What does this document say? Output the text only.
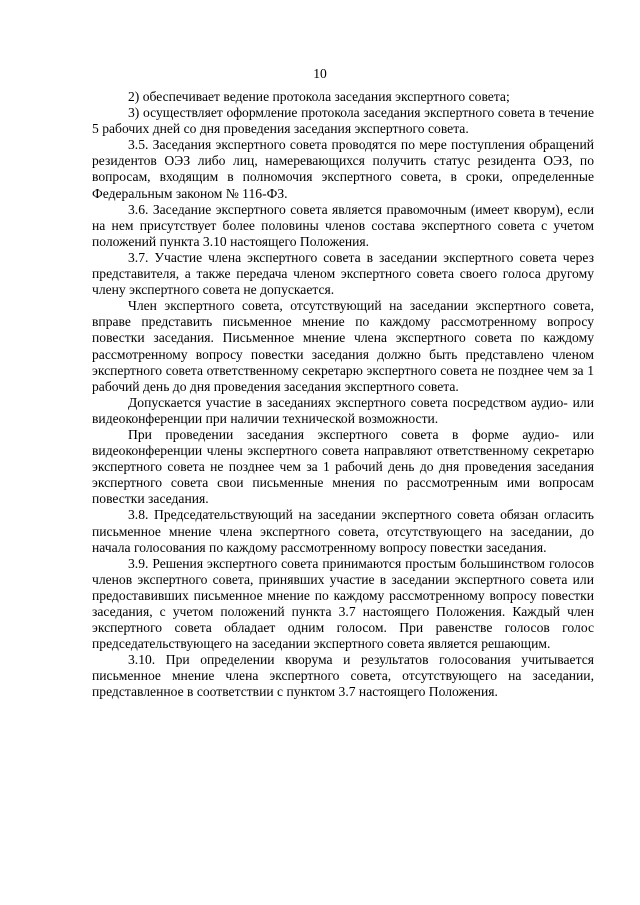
10

2) обеспечивает ведение протокола заседания экспертного совета;

3) осуществляет оформление протокола заседания экспертного совета в течение 5 рабочих дней со дня проведения заседания экспертного совета.

3.5. Заседания экспертного совета проводятся по мере поступления обращений резидентов ОЭЗ либо лиц, намеревающихся получить статус резидента ОЭЗ, по вопросам, входящим в полномочия экспертного совета, в сроки, определенные Федеральным законом № 116-ФЗ.

3.6. Заседание экспертного совета является правомочным (имеет кворум), если на нем присутствует более половины членов состава экспертного совета с учетом положений пункта 3.10 настоящего Положения.

3.7. Участие члена экспертного совета в заседании экспертного совета через представителя, а также передача членом экспертного совета своего голоса другому члену экспертного совета не допускается.

Член экспертного совета, отсутствующий на заседании экспертного совета, вправе представить письменное мнение по каждому рассмотренному вопросу повестки заседания. Письменное мнение члена экспертного совета по каждому рассмотренному вопросу повестки заседания должно быть представлено членом экспертного совета ответственному секретарю экспертного совета не позднее чем за 1 рабочий день до дня проведения заседания экспертного совета.

Допускается участие в заседаниях экспертного совета посредством аудио- или видеоконференции при наличии технической возможности.

При проведении заседания экспертного совета в форме аудио- или видеоконференции члены экспертного совета направляют ответственному секретарю экспертного совета не позднее чем за 1 рабочий день до дня проведения заседания экспертного совета свои письменные мнения по рассмотренным ими вопросам повестки заседания.

3.8. Председательствующий на заседании экспертного совета обязан огласить письменное мнение члена экспертного совета, отсутствующего на заседании, до начала голосования по каждому рассмотренному вопросу повестки заседания.

3.9. Решения экспертного совета принимаются простым большинством голосов членов экспертного совета, принявших участие в заседании экспертного совета или предоставивших письменное мнение по каждому рассмотренному вопросу повестки заседания, с учетом положений пункта 3.7 настоящего Положения. Каждый член экспертного совета обладает одним голосом. При равенстве голосов голос председательствующего на заседании экспертного совета является решающим.

3.10. При определении кворума и результатов голосования учитывается письменное мнение члена экспертного совета, отсутствующего на заседании, представленное в соответствии с пунктом 3.7 настоящего Положения.
